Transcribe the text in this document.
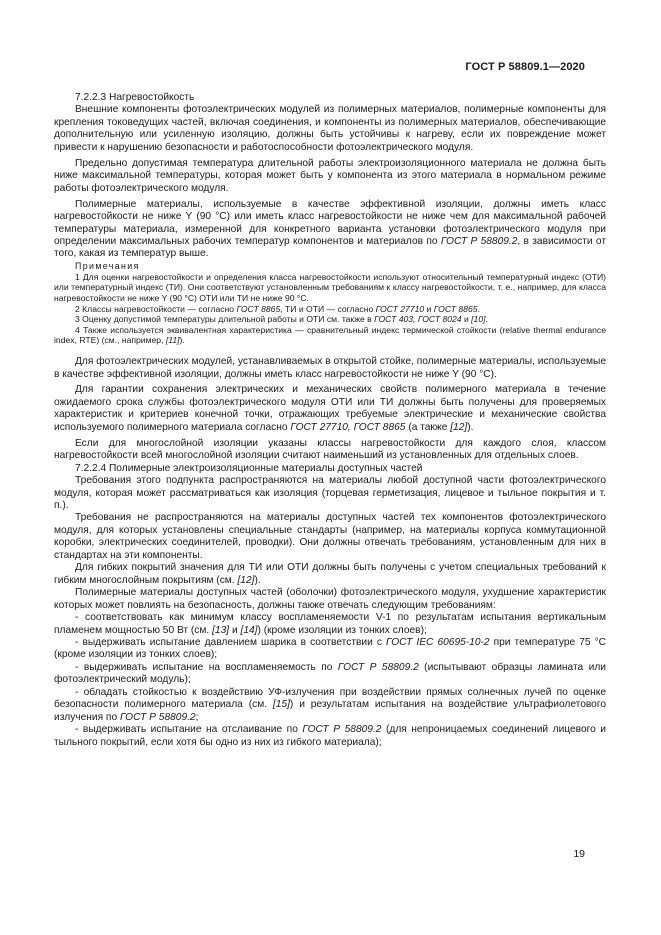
ГОСТ Р 58809.1—2020

7.2.2.3 Нагревостойкость

Внешние компоненты фотоэлектрических модулей из полимерных материалов, полимерные компоненты для крепления токоведущих частей, включая соединения, и компоненты из полимерных материалов, обеспечивающие дополнительную или усиленную изоляцию, должны быть устойчивы к нагреву, если их повреждение может привести к нарушению безопасности и работоспособности фотоэлектрического модуля.

Предельно допустимая температура длительной работы электроизоляционного материала не должна быть ниже максимальной температуры, которая может быть у компонента из этого материала в нормальном режиме работы фотоэлектрического модуля.

Полимерные материалы, используемые в качестве эффективной изоляции, должны иметь класс нагревостойкости не ниже Y (90 °C) или иметь класс нагревостойкости не ниже чем для максимальной рабочей температуры материала, измеренной для конкретного варианта установки фотоэлектрического модуля при определении максимальных рабочих температур компонентов и материалов по ГОСТ Р 58809.2, в зависимости от того, какая из температур выше.

Примечания

1 Для оценки нагревостойкости и определения класса нагревостойкости используют относительный температурный индекс (ОТИ) или температурный индекс (ТИ). Они соответствуют установленным требованиям к классу нагревостойкости, т. е., например, для класса нагревостойкости не ниже Y (90 °C) ОТИ или ТИ не ниже 90 °C.

2 Классы нагревостойкости — согласно ГОСТ 8865, ТИ и ОТИ — согласно ГОСТ 27710 и ГОСТ 8865.

3 Оценку допустимой температуры длительной работы и ОТИ см. также в ГОСТ 403, ГОСТ 8024 и [10].

4 Также используется эквивалентная характеристика — сравнительный индекс термической стойкости (relative thermal endurance index, RTE) (см., например, [11]).

Для фотоэлектрических модулей, устанавливаемых в открытой стойке, полимерные материалы, используемые в качестве эффективной изоляции, должны иметь класс нагревостойкости не ниже Y (90 °C).

Для гарантии сохранения электрических и механических свойств полимерного материала в течение ожидаемого срока службы фотоэлектрического модуля ОТИ или ТИ должны быть получены для проверяемых характеристик и критериев конечной точки, отражающих требуемые электрические и механические свойства используемого полимерного материала согласно ГОСТ 27710, ГОСТ 8865 (а также [12]).

Если для многослойной изоляции указаны классы нагревостойкости для каждого слоя, классом нагревостойкости всей многослойной изоляции считают наименьший из установленных для отдельных слоев.

7.2.2.4 Полимерные электроизоляционные материалы доступных частей

Требования этого подпункта распространяются на материалы любой доступной части фотоэлектрического модуля, которая может рассматриваться как изоляция (торцевая герметизация, лицевое и тыльное покрытия и т. п.).

Требования не распространяются на материалы доступных частей тех компонентов фотоэлектрического модуля, для которых установлены специальные стандарты (например, на материалы корпуса коммутационной коробки, электрических соединителей, проводки). Они должны отвечать требованиям, установленным для них в стандартах на эти компоненты.

Для гибких покрытий значения для ТИ или ОТИ должны быть получены с учетом специальных требований к гибким многослойным покрытиям (см. [12]).

Полимерные материалы доступных частей (оболочки) фотоэлектрического модуля, ухудшение характеристик которых может повлиять на безопасность, должны также отвечать следующим требованиям:

- соответствовать как минимум классу воспламеняемости V-1 по результатам испытания вертикальным пламенем мощностью 50 Вт (см. [13] и [14]) (кроме изоляции из тонких слоев);

- выдерживать испытание давлением шарика в соответствии с ГОСТ IEC 60695-10-2 при температуре 75 °C (кроме изоляции из тонких слоев);

- выдерживать испытание на воспламеняемость по ГОСТ Р 58809.2 (испытывают образцы ламината или фотоэлектрический модуль);

- обладать стойкостью к воздействию УФ-излучения при воздействии прямых солнечных лучей по оценке безопасности полимерного материала (см. [15]) и результатам испытания на воздействие ультрафиолетового излучения по ГОСТ Р 58809.2;

- выдерживать испытание на отслаивание по ГОСТ Р 58809.2 (для непроницаемых соединений лицевого и тыльного покрытий, если хотя бы одно из них из гибкого материала);

19
